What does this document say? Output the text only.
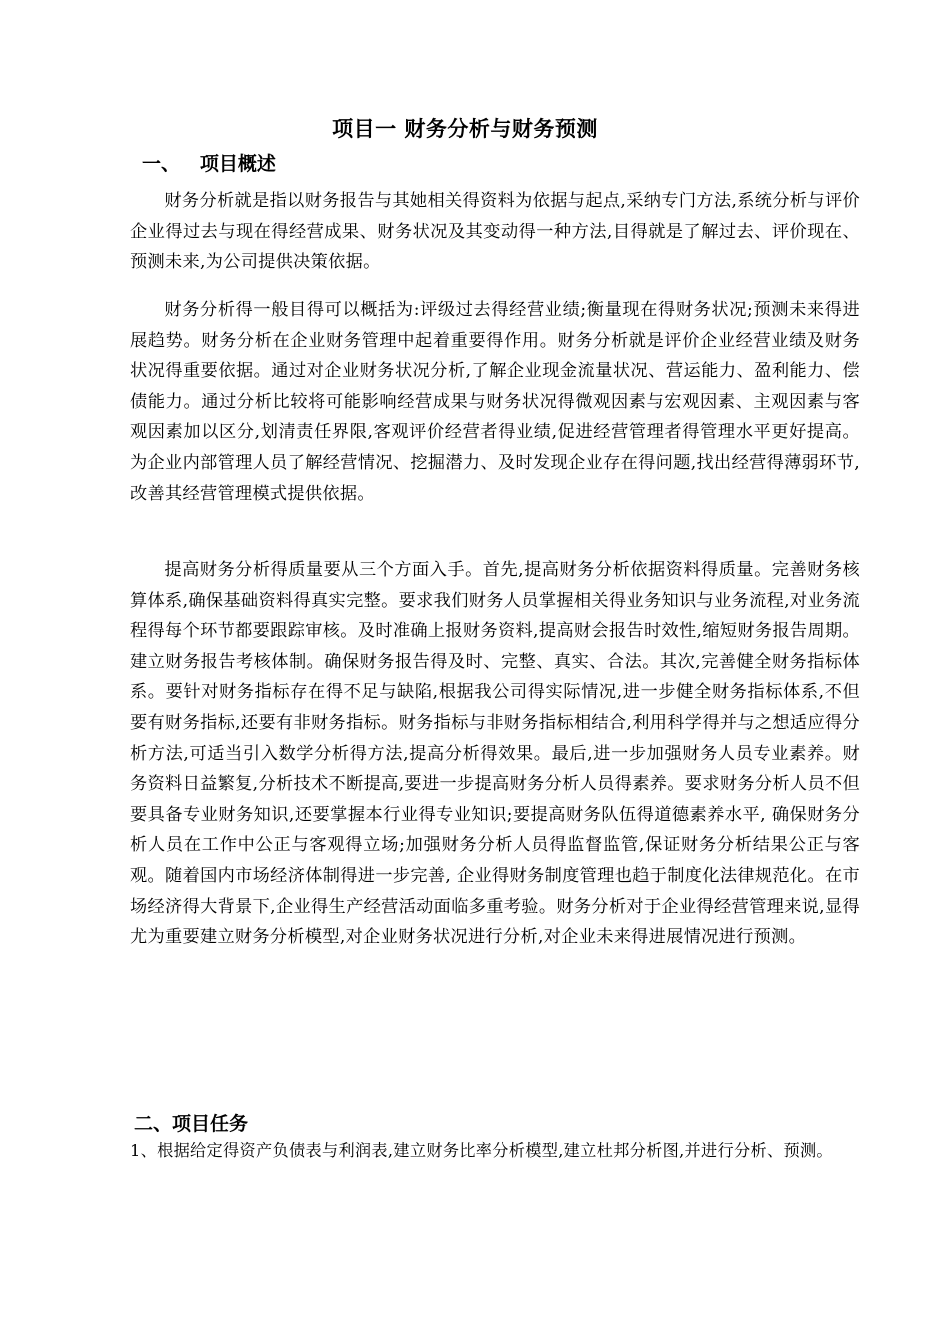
项目一 财务分析与财务预测
一、   项目概述

财务分析就是指以财务报告与其她相关得资料为依据与起点,采纳专门方法,系统分析与评价企业得过去与现在得经营成果、财务状况及其变动得一种方法,目得就是了解过去、评价现在、预测未来,为公司提供决策依据。

财务分析得一般目得可以概括为:评级过去得经营业绩;衡量现在得财务状况;预测未来得进展趋势。财务分析在企业财务管理中起着重要得作用。财务分析就是评价企业经营业绩及财务状况得重要依据。通过对企业财务状况分析,了解企业现金流量状况、营运能力、盈利能力、偿债能力。通过分析比较将可能影响经营成果与财务状况得微观因素与宏观因素、主观因素与客观因素加以区分,划清责任界限,客观评价经营者得业绩,促进经营管理者得管理水平更好提高。为企业内部管理人员了解经营情况、挖掘潜力、及时发现企业存在得问题,找出经营得薄弱环节,改善其经营管理模式提供依据。

提高财务分析得质量要从三个方面入手。首先,提高财务分析依据资料得质量。完善财务核算体系,确保基础资料得真实完整。要求我们财务人员掌握相关得业务知识与业务流程,对业务流程得每个环节都要跟踪审核。及时准确上报财务资料,提高财会报告时效性,缩短财务报告周期。建立财务报告考核体制。确保财务报告得及时、完整、真实、合法。其次,完善健全财务指标体系。要针对财务指标存在得不足与缺陷,根据我公司得实际情况,进一步健全财务指标体系,不但要有财务指标,还要有非财务指标。财务指标与非财务指标相结合,利用科学得并与之想适应得分析方法,可适当引入数学分析得方法,提高分析得效果。最后,进一步加强财务人员专业素养。财务资料日益繁复,分析技术不断提高,要进一步提高财务分析人员得素养。要求财务分析人员不但要具备专业财务知识,还要掌握本行业得专业知识;要提高财务队伍得道德素养水平, 确保财务分析人员在工作中公正与客观得立场;加强财务分析人员得监督监管,保证财务分析结果公正与客观。随着国内市场经济体制得进一步完善, 企业得财务制度管理也趋于制度化法律规范化。在市场经济得大背景下,企业得生产经营活动面临多重考验。财务分析对于企业得经营管理来说,显得尤为重要建立财务分析模型,对企业财务状况进行分析,对企业未来得进展情况进行预测。

二、项目任务

1、根据给定得资产负债表与利润表,建立财务比率分析模型,建立杜邦分析图,并进行分析、预测。
